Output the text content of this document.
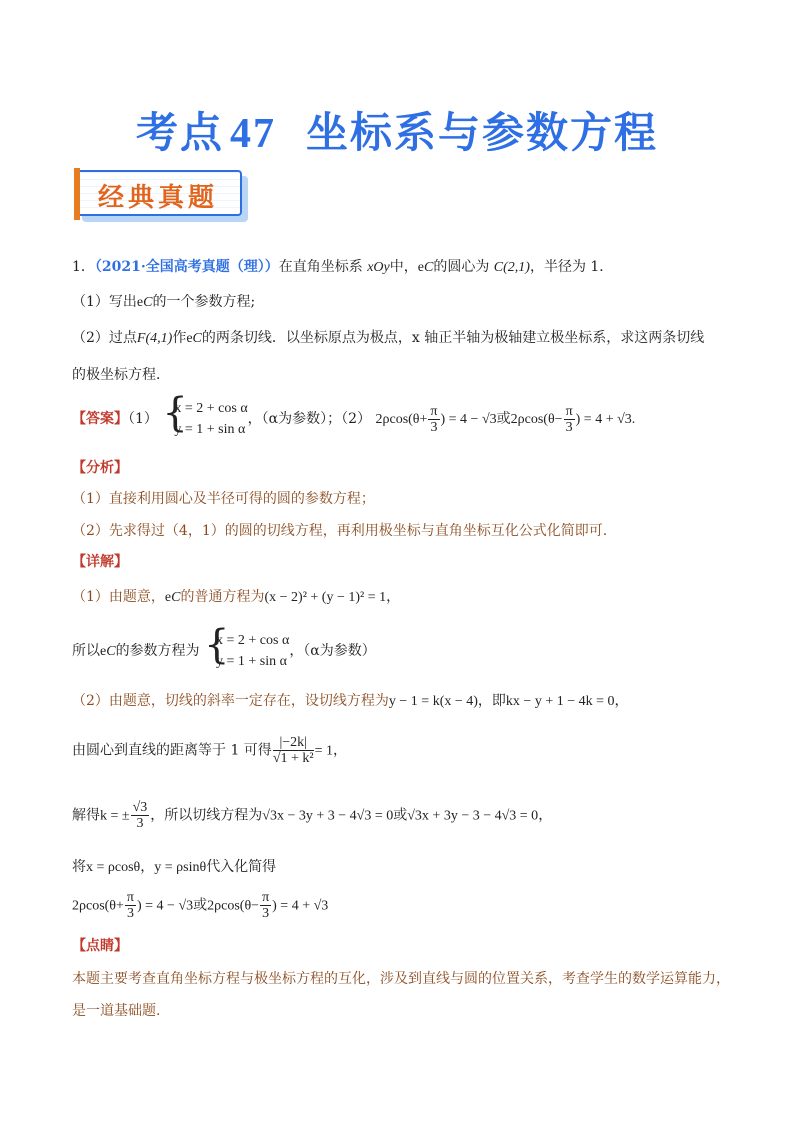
考点 47 坐标系与参数方程
经典真题
1．（2021·全国高考真题（理））在直角坐标系 xOy中，eC的圆心为 C(2,1)，半径为 1．
（1）写出eC的一个参数方程;
（2）过点F(4,1)作eC的两条切线．以坐标原点为极点，x 轴正半轴为极轴建立极坐标系，求这两条切线
的极坐标方程．
【答案】（1） {
x = 2 + cos α
y = 1 + sin α
，（α为参数）；（2） $2\rho\cos(\theta+ \frac{\pi}{3}$ ) = 4 − √3或$2\rho\cos(\theta- \frac{\pi}{3}$ ) = 4 + √3.
【分析】
（1）直接利用圆心及半径可得的圆的参数方程；
（2）先求得过（4，1）的圆的切线方程，再利用极坐标与直角坐标互化公式化简即可.
【详解】
（1）由题意，eC的普通方程为(x − 2)² + (y − 1)² = 1，
所以eC的参数方程为 {
x = 2 + cos α
y = 1 + sin α
，（α为参数）
（2）由题意，切线的斜率一定存在，设切线方程为y − 1 = k(x − 4)，即kx − y + 1 − 4k = 0，
由圆心到直线的距离等于 1 可得 $\frac{|-2k|}{\text{√1 + k²}} = 1$，
解得k = ± $\frac{√3}{3}$ ，所以切线方程为√3x − 3y + 3 − 4√3 = 0或√3x + 3y − 3 − 4√3 = 0，
将x = ρcosθ，y = ρsinθ代入化简得
$2\rho\cos(\theta+ \frac{\pi}{3}$ ) = 4 − √3或$2\rho\cos(\theta- \frac{\pi}{3}$ ) = 4 + √3
【点睛】
本题主要考查直角坐标方程与极坐标方程的互化，涉及到直线与圆的位置关系，考查学生的数学运算能力，
是一道基础题.
